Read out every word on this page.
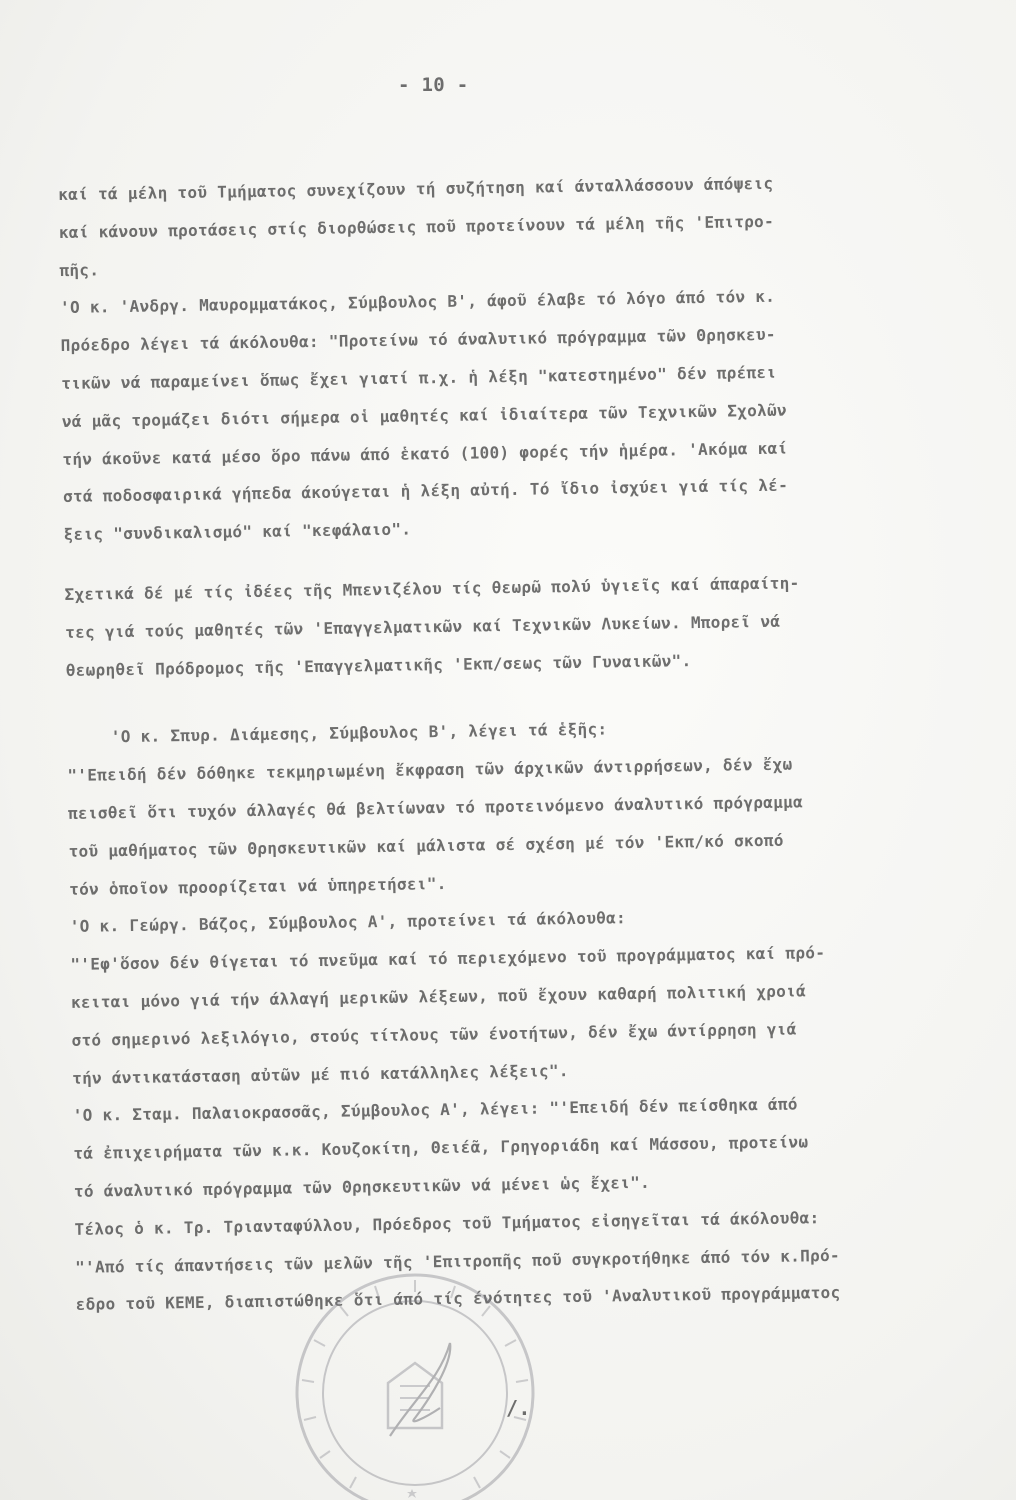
- 10 -
καί τά μέλη τοῦ Τμήματος συνεχίζουν τή συζήτηση καί άνταλλάσσουν άπόψεις
καί κάνουν προτάσεις στίς διορθώσεις ποῦ προτείνουν τά μέλη τῆς 'Επιτρο-
πῆς.
'Ο κ. 'Ανδργ. Μαυρομματάκος, Σύμβουλος Β', άφοῦ έλαβε τό λόγο άπό τόν κ.
Πρόεδρο λέγει τά άκόλουθα: "Προτείνω τό άναλυτικό πρόγραμμα τῶν Θρησκευ-
τικῶν νά παραμείνει ὅπως ἔχει γιατί π.χ. ἡ λέξη "κατεστημένο" δέν πρέπει
νά μᾶς τρομάζει διότι σήμερα οἱ μαθητές καί ἰδιαίτερα τῶν Τεχνικῶν Σχολῶν
τήν άκοῦνε κατά μέσο ὅρο πάνω άπό ἑκατό (100) φορές τήν ἡμέρα. 'Ακόμα καί
στά ποδοσφαιρικά γήπεδα άκούγεται ἡ λέξη αὐτή. Τό ἴδιο ἰσχύει γιά τίς λέ-
ξεις "συνδικαλισμό" καί "κεφάλαιο".
Σχετικά δέ μέ τίς ἰδέες τῆς Μπενιζέλου τίς θεωρῶ πολύ ὑγιεῖς καί άπαραίτη-
τες γιά τούς μαθητές τῶν 'Επαγγελματικῶν καί Τεχνικῶν Λυκείων. Μπορεῖ νά
θεωρηθεῖ Πρόδρομος τῆς 'Επαγγελματικῆς 'Εκπ/σεως τῶν Γυναικῶν".
'Ο κ. Σπυρ. Διάμεσης, Σύμβουλος Β', λέγει τά ἑξῆς:
"'Επειδή δέν δόθηκε τεκμηριωμένη ἔκφραση τῶν άρχικῶν άντιρρήσεων, δέν ἔχω
πεισθεῖ ὅτι τυχόν άλλαγές θά βελτίωναν τό προτεινόμενο άναλυτικό πρόγραμμα
τοῦ μαθήματος τῶν Θρησκευτικῶν καί μάλιστα σέ σχέση μέ τόν 'Εκπ/κό σκοπό
τόν ὁποῖον προορίζεται νά ὑπηρετήσει".
'Ο κ. Γεώργ. Βάζος, Σύμβουλος Α', προτείνει τά άκόλουθα:
"'Εφ'ὅσον δέν θίγεται τό πνεῦμα καί τό περιεχόμενο τοῦ προγράμματος καί πρό-
κειται μόνο γιά τήν άλλαγή μερικῶν λέξεων, ποῦ ἔχουν καθαρή πολιτική χροιά
στό σημερινό λεξιλόγιο, στούς τίτλους τῶν ένοτήτων, δέν ἔχω άντίρρηση γιά
τήν άντικατάσταση αὐτῶν μέ πιό κατάλληλες λέξεις".
'Ο κ. Σταμ. Παλαιοκρασσᾶς, Σύμβουλος Α', λέγει: "'Επειδή δέν πείσθηκα άπό
τά ἐπιχειρήματα τῶν κ.κ. Κουζοκίτη, Θειέᾶ, Γρηγοριάδη καί Μάσσου, προτείνω
τό άναλυτικό πρόγραμμα τῶν Θρησκευτικῶν νά μένει ὡς ἔχει".
Τέλος ὁ κ. Τρ. Τριανταφύλλου, Πρόεδρος τοῦ Τμήματος εἰσηγεῖται τά άκόλουθα:
"'Από τίς άπαντήσεις τῶν μελῶν τῆς 'Επιτροπῆς ποῦ συγκροτήθηκε άπό τόν κ.Πρό-
εδρο τοῦ ΚΕΜΕ, διαπιστώθηκε ὅτι άπό τίς ένότητες τοῦ 'Αναλυτικοῦ προγράμματος
/.
